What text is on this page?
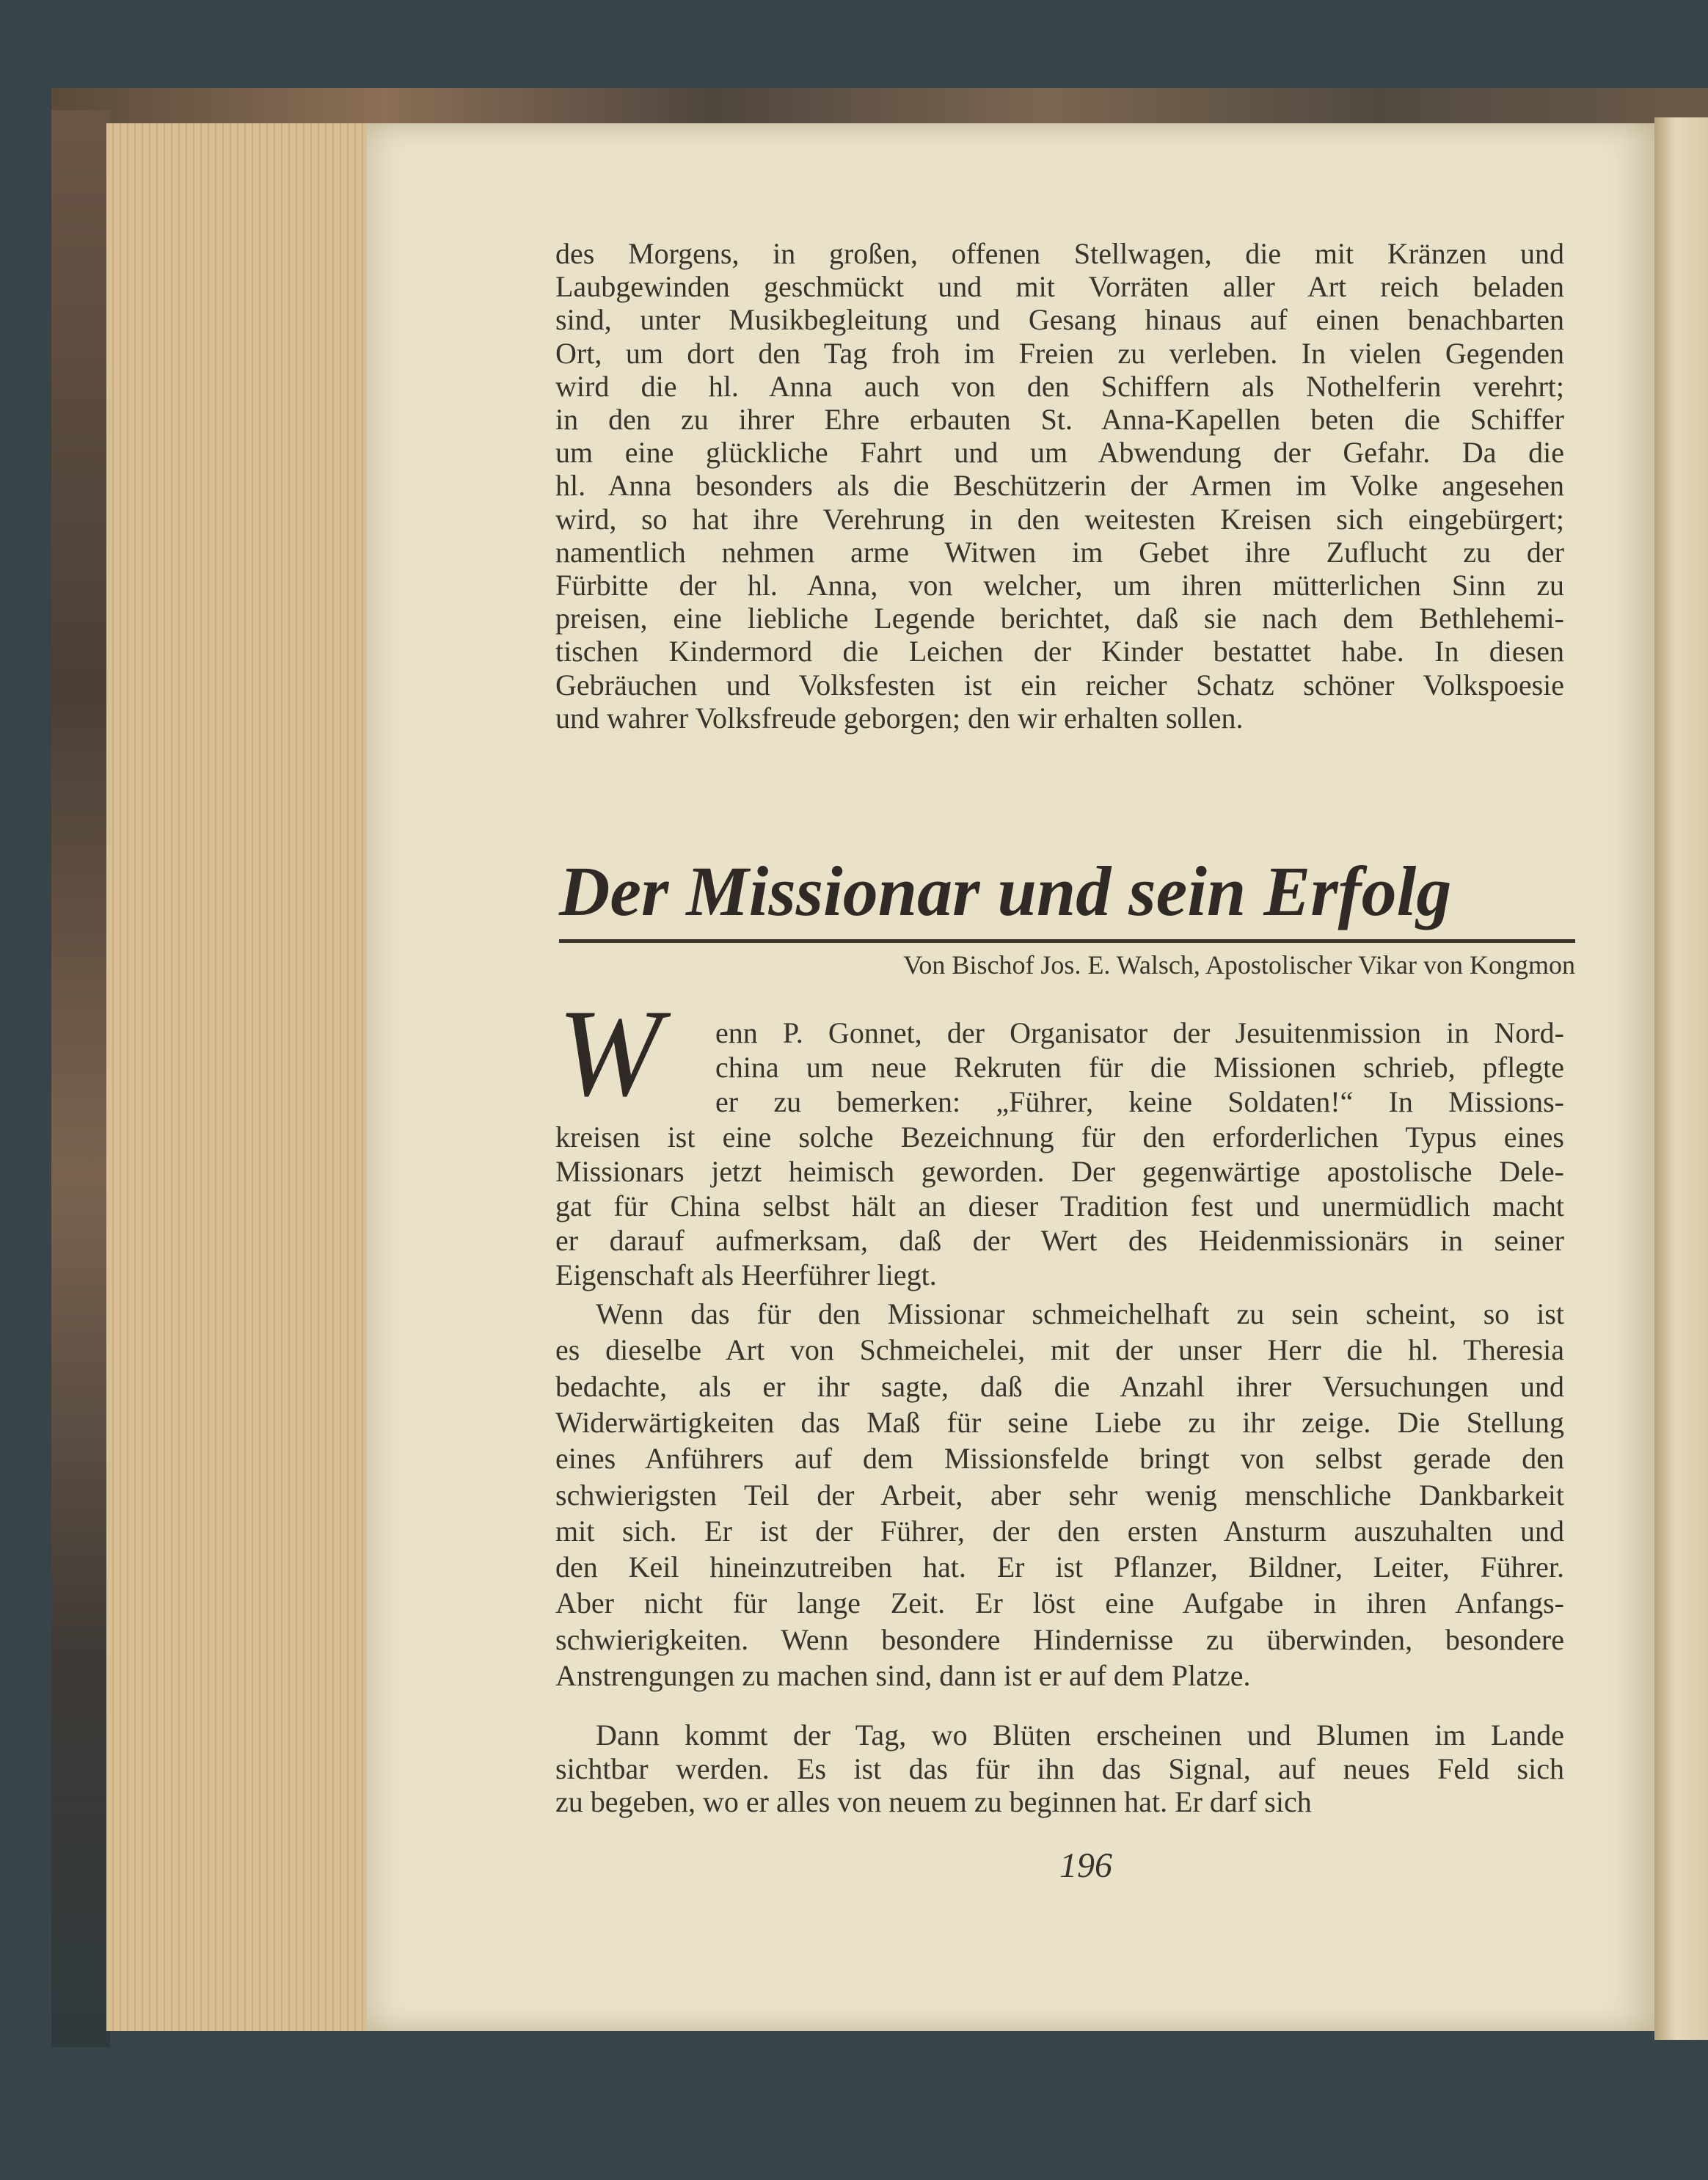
Der Missionar und sein Erfolg
Von Bischof Jos. E. Walsch, Apostolischer Vikar von Kongmon
W
196
des Morgens, in großen, offenen Stellwagen, die mit Kränzen und
Laubgewinden geschmückt und mit Vorräten aller Art reich beladen
sind, unter Musikbegleitung und Gesang hinaus auf einen benachbarten
Ort, um dort den Tag froh im Freien zu verleben. In vielen Gegenden
wird die hl. Anna auch von den Schiffern als Nothelferin verehrt;
in den zu ihrer Ehre erbauten St. Anna-Kapellen beten die Schiffer
um eine glückliche Fahrt und um Abwendung der Gefahr. Da die
hl. Anna besonders als die Beschützerin der Armen im Volke angesehen
wird, so hat ihre Verehrung in den weitesten Kreisen sich eingebürgert;
namentlich nehmen arme Witwen im Gebet ihre Zuflucht zu der
Fürbitte der hl. Anna, von welcher, um ihren mütterlichen Sinn zu
preisen, eine liebliche Legende berichtet, daß sie nach dem Bethlehemi-
tischen Kindermord die Leichen der Kinder bestattet habe. In diesen
Gebräuchen und Volksfesten ist ein reicher Schatz schöner Volkspoesie
und wahrer Volksfreude geborgen; den wir erhalten sollen.
enn P. Gonnet, der Organisator der Jesuitenmission in Nord-
china um neue Rekruten für die Missionen schrieb, pflegte
er zu bemerken: „Führer, keine Soldaten!“ In Missions-
kreisen ist eine solche Bezeichnung für den erforderlichen Typus eines
Missionars jetzt heimisch geworden. Der gegenwärtige apostolische Dele-
gat für China selbst hält an dieser Tradition fest und unermüdlich macht
er darauf aufmerksam, daß der Wert des Heidenmissionärs in seiner
Eigenschaft als Heerführer liegt.
Wenn das für den Missionar schmeichelhaft zu sein scheint, so ist
es dieselbe Art von Schmeichelei, mit der unser Herr die hl. Theresia
bedachte, als er ihr sagte, daß die Anzahl ihrer Versuchungen und
Widerwärtigkeiten das Maß für seine Liebe zu ihr zeige. Die Stellung
eines Anführers auf dem Missionsfelde bringt von selbst gerade den
schwierigsten Teil der Arbeit, aber sehr wenig menschliche Dankbarkeit
mit sich. Er ist der Führer, der den ersten Ansturm auszuhalten und
den Keil hineinzutreiben hat. Er ist Pflanzer, Bildner, Leiter, Führer.
Aber nicht für lange Zeit. Er löst eine Aufgabe in ihren Anfangs-
schwierigkeiten. Wenn besondere Hindernisse zu überwinden, besondere
Anstrengungen zu machen sind, dann ist er auf dem Platze.
Dann kommt der Tag, wo Blüten erscheinen und Blumen im Lande
sichtbar werden. Es ist das für ihn das Signal, auf neues Feld sich
zu begeben, wo er alles von neuem zu beginnen hat. Er darf sich
